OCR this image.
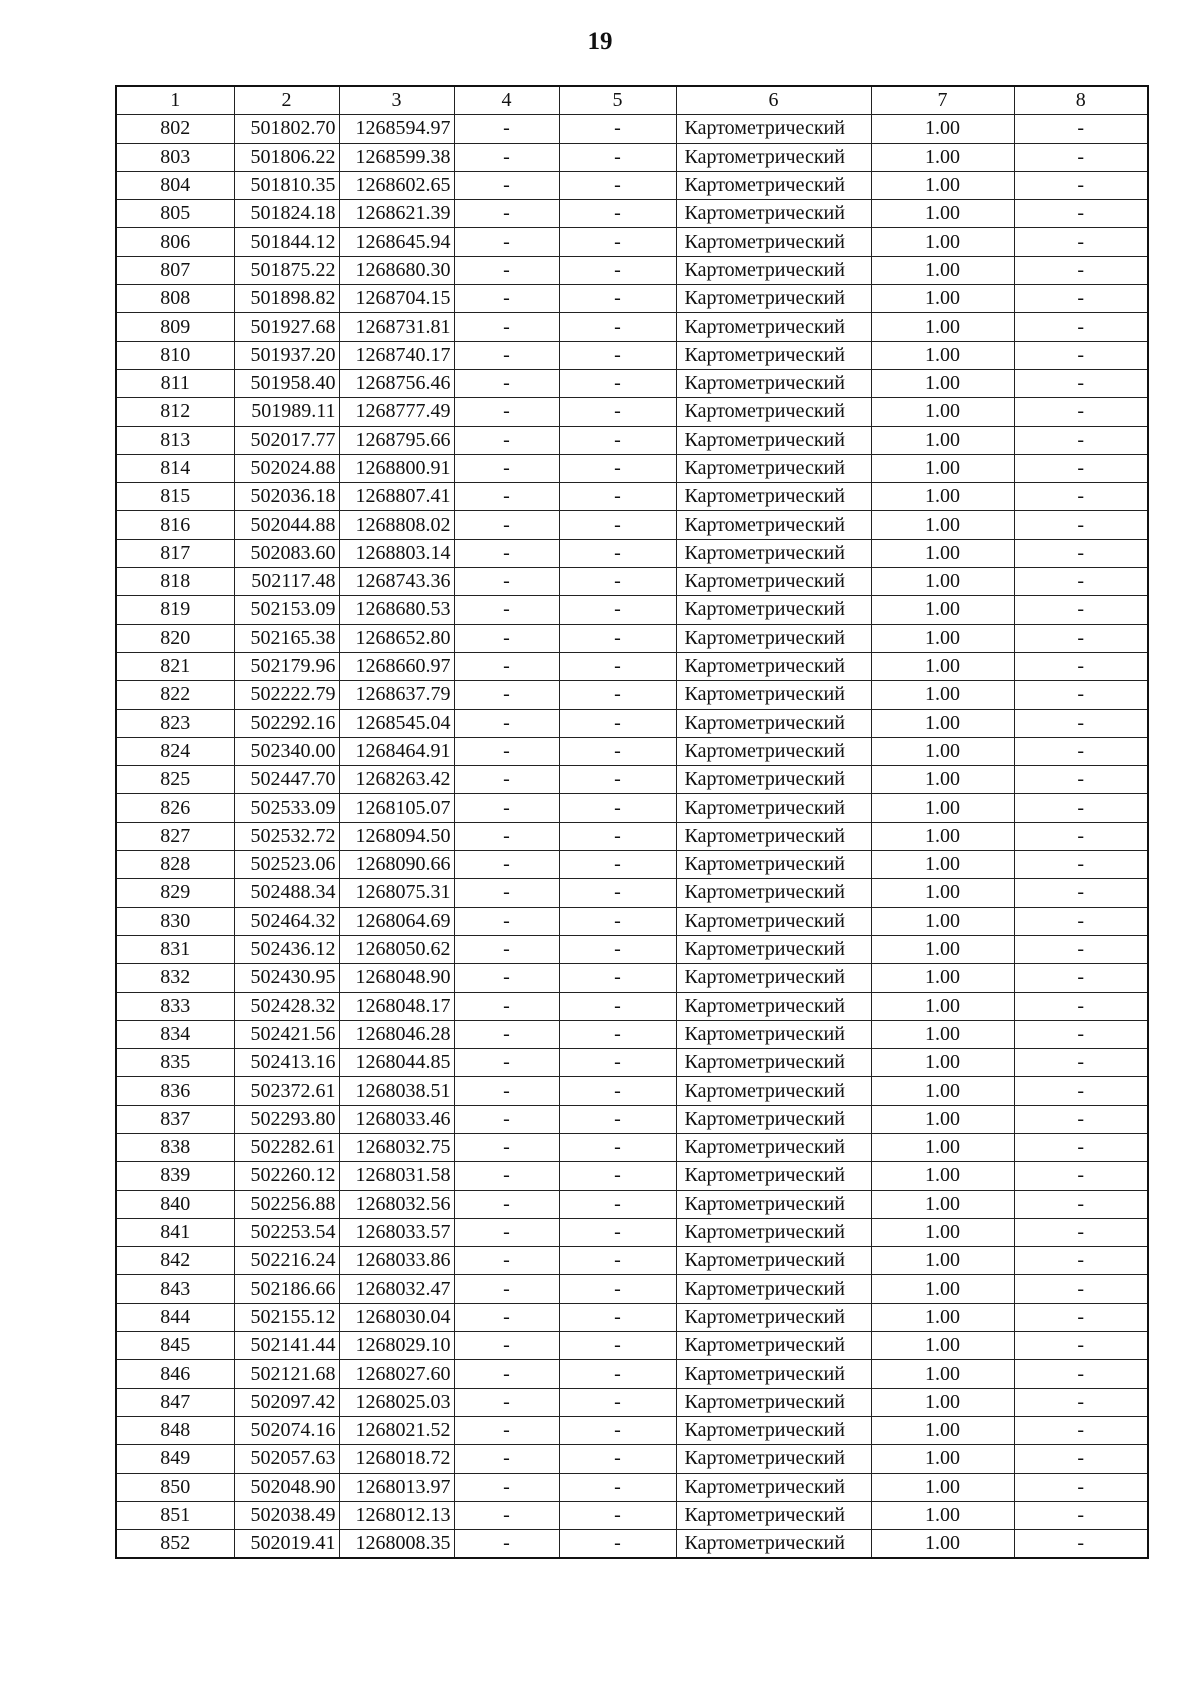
19
1	2	3	4	5	6	7	8
802	501802.70	1268594.97	-	-	Картометрический	1.00	-
803	501806.22	1268599.38	-	-	Картометрический	1.00	-
804	501810.35	1268602.65	-	-	Картометрический	1.00	-
805	501824.18	1268621.39	-	-	Картометрический	1.00	-
806	501844.12	1268645.94	-	-	Картометрический	1.00	-
807	501875.22	1268680.30	-	-	Картометрический	1.00	-
808	501898.82	1268704.15	-	-	Картометрический	1.00	-
809	501927.68	1268731.81	-	-	Картометрический	1.00	-
810	501937.20	1268740.17	-	-	Картометрический	1.00	-
811	501958.40	1268756.46	-	-	Картометрический	1.00	-
812	501989.11	1268777.49	-	-	Картометрический	1.00	-
813	502017.77	1268795.66	-	-	Картометрический	1.00	-
814	502024.88	1268800.91	-	-	Картометрический	1.00	-
815	502036.18	1268807.41	-	-	Картометрический	1.00	-
816	502044.88	1268808.02	-	-	Картометрический	1.00	-
817	502083.60	1268803.14	-	-	Картометрический	1.00	-
818	502117.48	1268743.36	-	-	Картометрический	1.00	-
819	502153.09	1268680.53	-	-	Картометрический	1.00	-
820	502165.38	1268652.80	-	-	Картометрический	1.00	-
821	502179.96	1268660.97	-	-	Картометрический	1.00	-
822	502222.79	1268637.79	-	-	Картометрический	1.00	-
823	502292.16	1268545.04	-	-	Картометрический	1.00	-
824	502340.00	1268464.91	-	-	Картометрический	1.00	-
825	502447.70	1268263.42	-	-	Картометрический	1.00	-
826	502533.09	1268105.07	-	-	Картометрический	1.00	-
827	502532.72	1268094.50	-	-	Картометрический	1.00	-
828	502523.06	1268090.66	-	-	Картометрический	1.00	-
829	502488.34	1268075.31	-	-	Картометрический	1.00	-
830	502464.32	1268064.69	-	-	Картометрический	1.00	-
831	502436.12	1268050.62	-	-	Картометрический	1.00	-
832	502430.95	1268048.90	-	-	Картометрический	1.00	-
833	502428.32	1268048.17	-	-	Картометрический	1.00	-
834	502421.56	1268046.28	-	-	Картометрический	1.00	-
835	502413.16	1268044.85	-	-	Картометрический	1.00	-
836	502372.61	1268038.51	-	-	Картометрический	1.00	-
837	502293.80	1268033.46	-	-	Картометрический	1.00	-
838	502282.61	1268032.75	-	-	Картометрический	1.00	-
839	502260.12	1268031.58	-	-	Картометрический	1.00	-
840	502256.88	1268032.56	-	-	Картометрический	1.00	-
841	502253.54	1268033.57	-	-	Картометрический	1.00	-
842	502216.24	1268033.86	-	-	Картометрический	1.00	-
843	502186.66	1268032.47	-	-	Картометрический	1.00	-
844	502155.12	1268030.04	-	-	Картометрический	1.00	-
845	502141.44	1268029.10	-	-	Картометрический	1.00	-
846	502121.68	1268027.60	-	-	Картометрический	1.00	-
847	502097.42	1268025.03	-	-	Картометрический	1.00	-
848	502074.16	1268021.52	-	-	Картометрический	1.00	-
849	502057.63	1268018.72	-	-	Картометрический	1.00	-
850	502048.90	1268013.97	-	-	Картометрический	1.00	-
851	502038.49	1268012.13	-	-	Картометрический	1.00	-
852	502019.41	1268008.35	-	-	Картометрический	1.00	-
